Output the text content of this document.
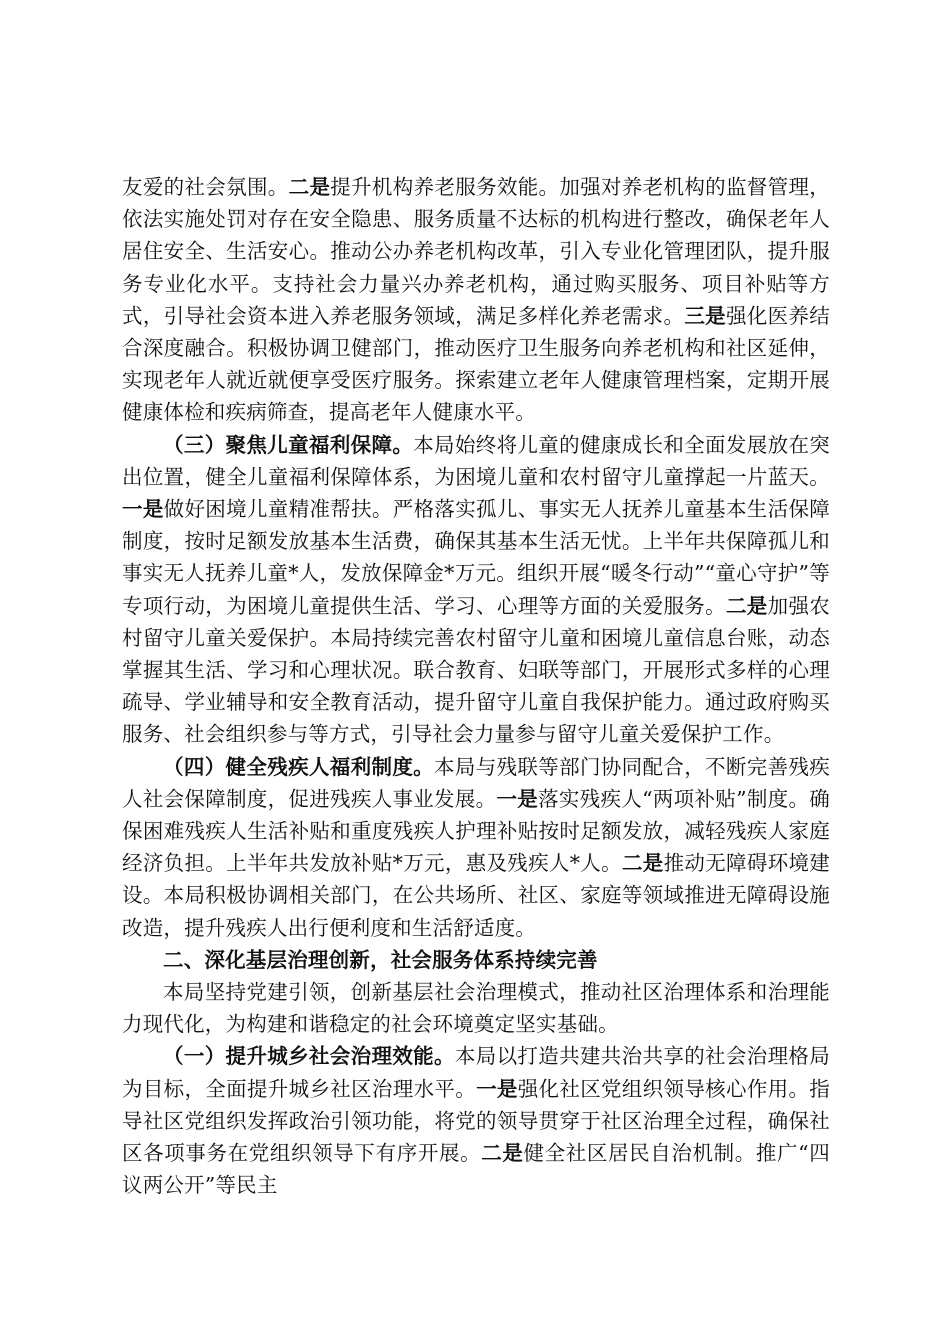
友爱的社会氛围。二是提升机构养老服务效能。加强对养老机构的监督管理，依法实施处罚对存在安全隐患、服务质量不达标的机构进行整改，确保老年人居住安全、生活安心。推动公办养老机构改革，引入专业化管理团队，提升服务专业化水平。支持社会力量兴办养老机构，通过购买服务、项目补贴等方式，引导社会资本进入养老服务领域，满足多样化养老需求。三是强化医养结合深度融合。积极协调卫健部门，推动医疗卫生服务向养老机构和社区延伸，实现老年人就近就便享受医疗服务。探索建立老年人健康管理档案，定期开展健康体检和疾病筛查，提高老年人健康水平。

（三）聚焦儿童福利保障。本局始终将儿童的健康成长和全面发展放在突出位置，健全儿童福利保障体系，为困境儿童和农村留守儿童撑起一片蓝天。一是做好困境儿童精准帮扶。严格落实孤儿、事实无人抚养儿童基本生活保障制度，按时足额发放基本生活费，确保其基本生活无忧。上半年共保障孤儿和事实无人抚养儿童*人，发放保障金*万元。组织开展“暖冬行动”“童心守护”等专项行动，为困境儿童提供生活、学习、心理等方面的关爱服务。二是加强农村留守儿童关爱保护。本局持续完善农村留守儿童和困境儿童信息台账，动态掌握其生活、学习和心理状况。联合教育、妇联等部门，开展形式多样的心理疏导、学业辅导和安全教育活动，提升留守儿童自我保护能力。通过政府购买服务、社会组织参与等方式，引导社会力量参与留守儿童关爱保护工作。

（四）健全残疾人福利制度。本局与残联等部门协同配合，不断完善残疾人社会保障制度，促进残疾人事业发展。一是落实残疾人“两项补贴”制度。确保困难残疾人生活补贴和重度残疾人护理补贴按时足额发放，减轻残疾人家庭经济负担。上半年共发放补贴*万元，惠及残疾人*人。二是推动无障碍环境建设。本局积极协调相关部门，在公共场所、社区、家庭等领域推进无障碍设施改造，提升残疾人出行便利度和生活舒适度。

二、深化基层治理创新，社会服务体系持续完善

本局坚持党建引领，创新基层社会治理模式，推动社区治理体系和治理能力现代化，为构建和谐稳定的社会环境奠定坚实基础。

（一）提升城乡社会治理效能。本局以打造共建共治共享的社会治理格局为目标，全面提升城乡社区治理水平。一是强化社区党组织领导核心作用。指导社区党组织发挥政治引领功能，将党的领导贯穿于社区治理全过程，确保社区各项事务在党组织领导下有序开展。二是健全社区居民自治机制。推广“四议两公开”等民主
